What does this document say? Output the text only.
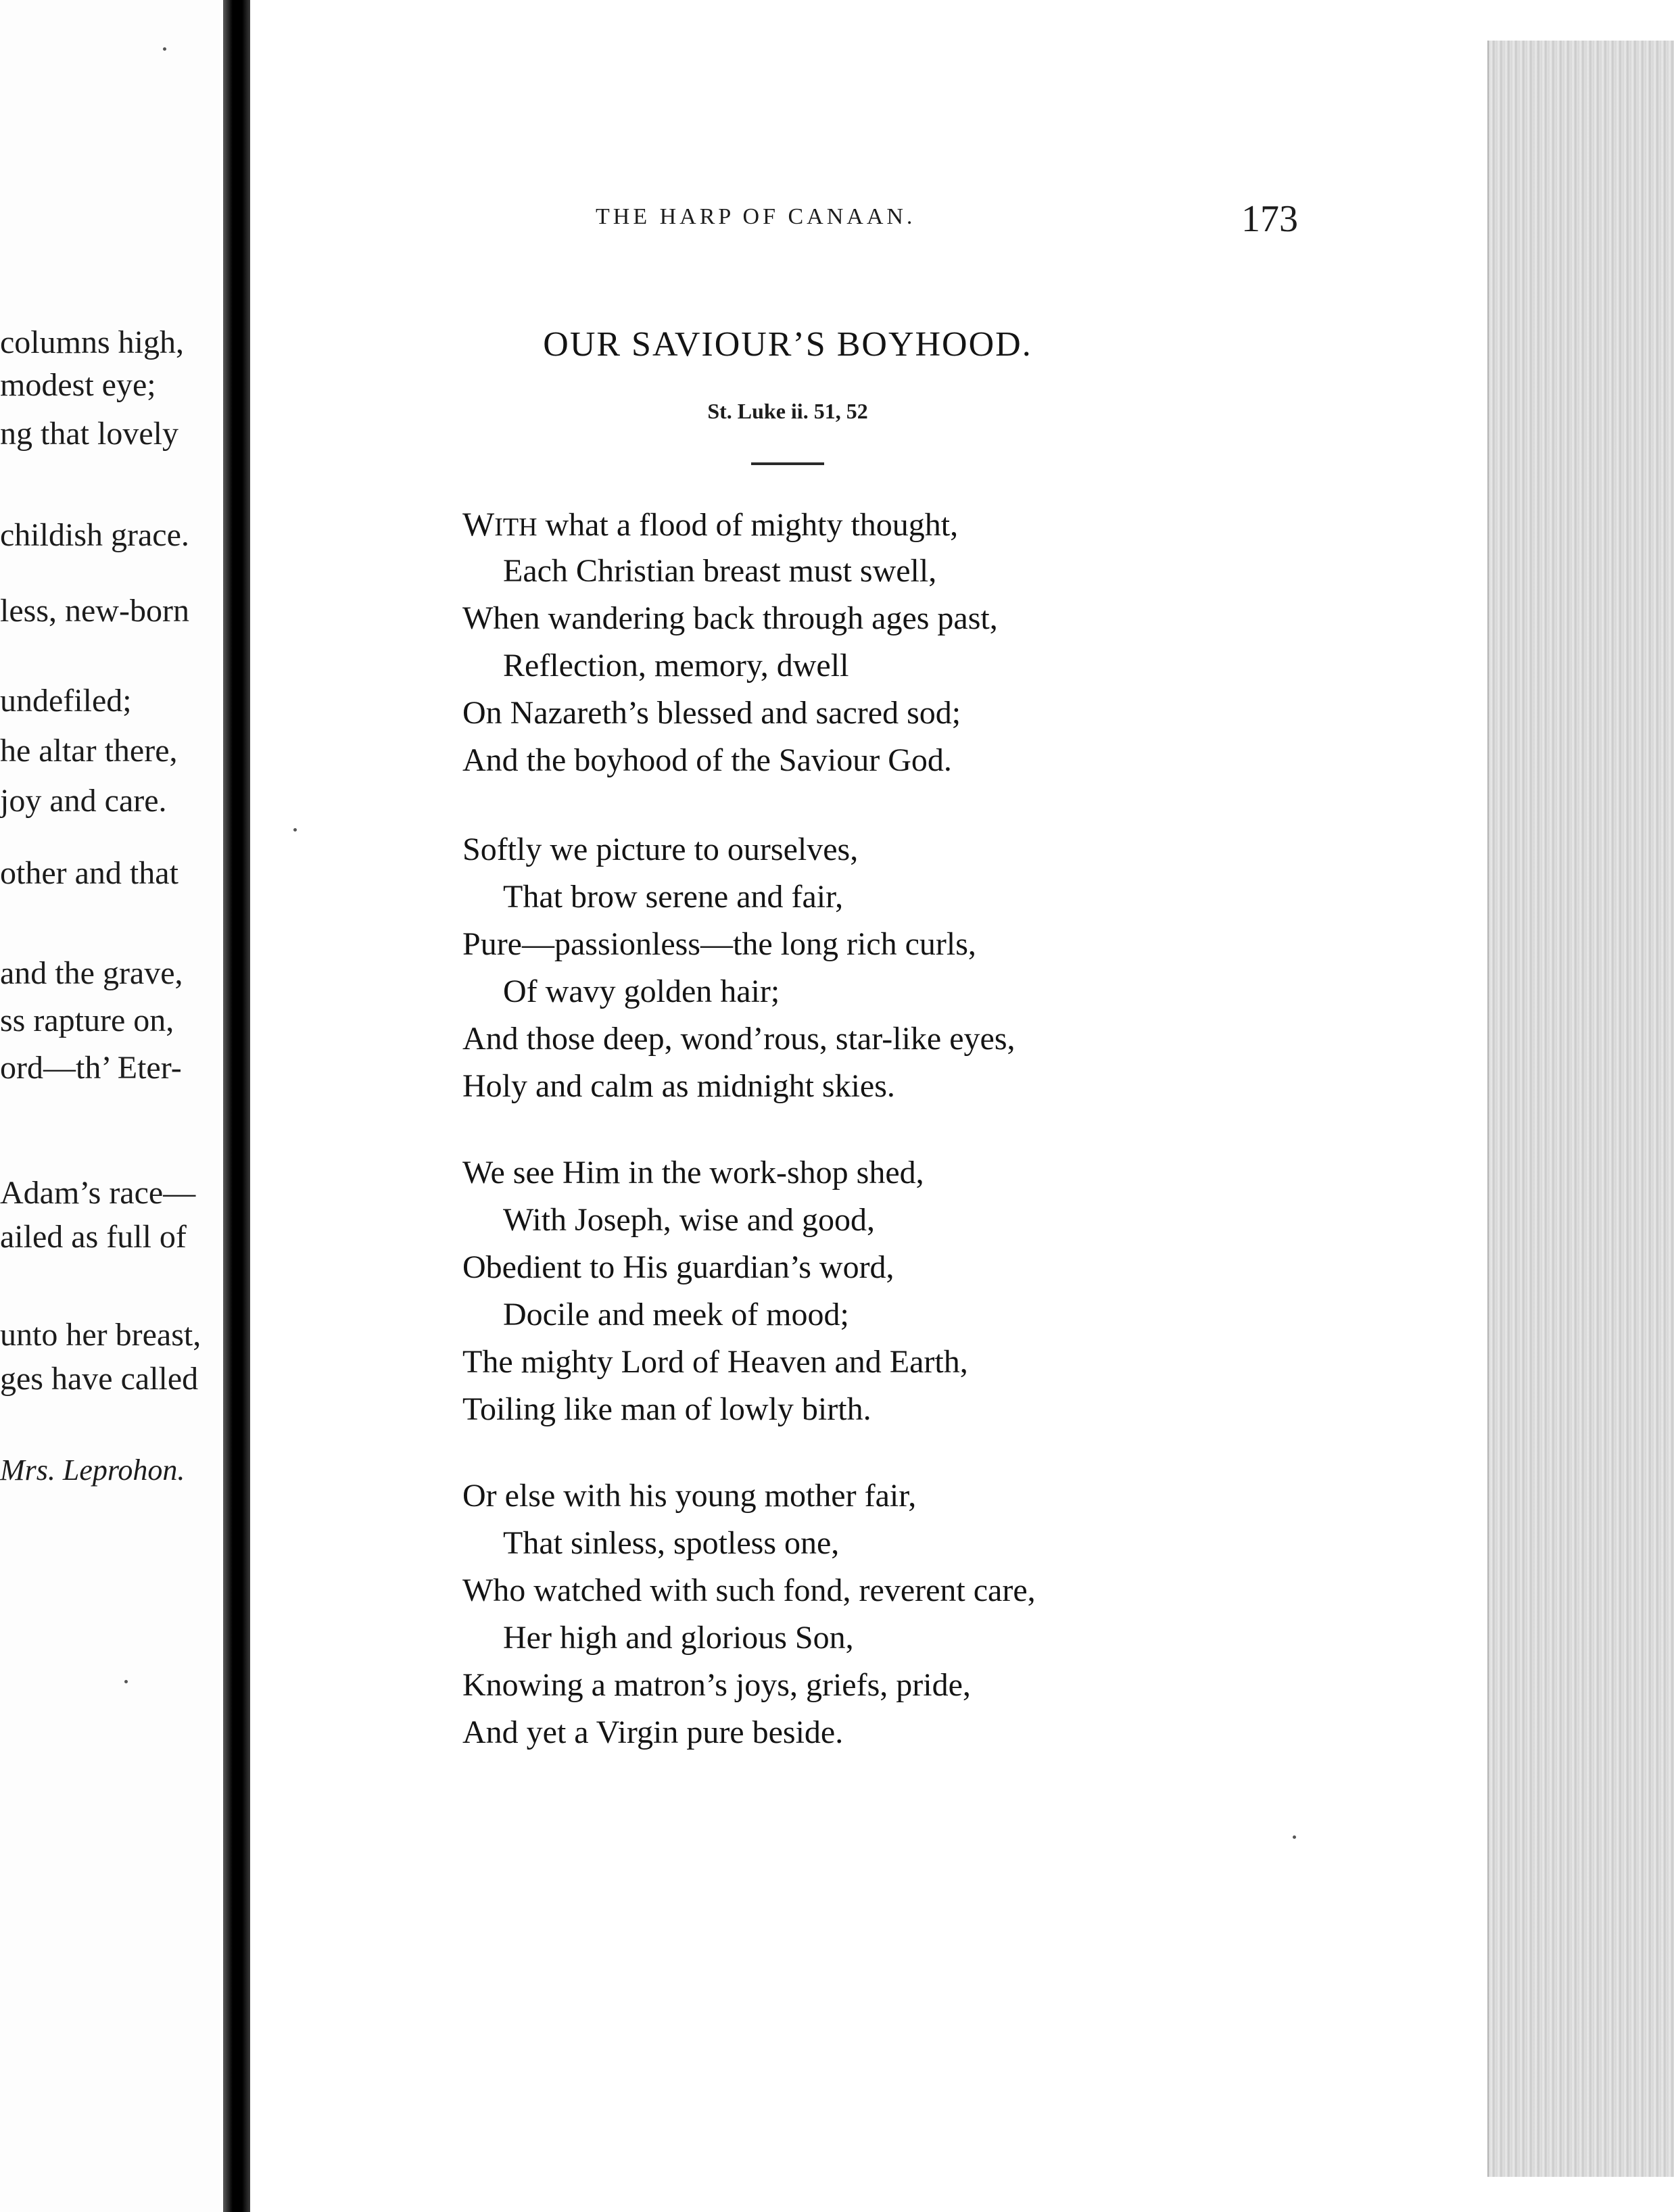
columns high,
modest eye;
ng that lovely
childish grace.
less, new-born
undefiled;
he altar there,
joy and care.
other and that
and the grave,
ss rapture on,
ord—th’ Eter-
Adam’s race—
ailed as full of
unto her breast,
ges have called
Mrs. Leprohon.
THE HARP OF CANAAN.	173
OUR SAVIOUR’S BOYHOOD.
St. Luke ii. 51, 52
WITH what a flood of mighty thought,
Each Christian breast must swell,
When wandering back through ages past,
Reflection, memory, dwell
On Nazareth’s blessed and sacred sod;
And the boyhood of the Saviour God.
Softly we picture to ourselves,
That brow serene and fair,
Pure—passionless—the long rich curls,
Of wavy golden hair;
And those deep, wond’rous, star-like eyes,
Holy and calm as midnight skies.
We see Him in the work-shop shed,
With Joseph, wise and good,
Obedient to His guardian’s word,
Docile and meek of mood;
The mighty Lord of Heaven and Earth,
Toiling like man of lowly birth.
Or else with his young mother fair,
That sinless, spotless one,
Who watched with such fond, reverent care,
Her high and glorious Son,
Knowing a matron’s joys, griefs, pride,
And yet a Virgin pure beside.
